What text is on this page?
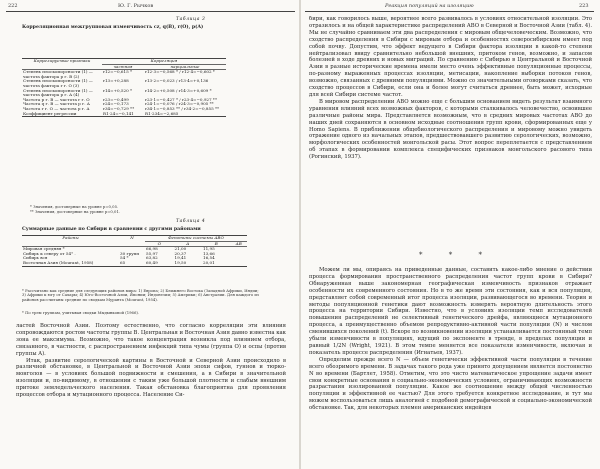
222	Ю. Г. Рычков
Таблица 3
Корреляционная межгрупповая изменчивость cz, q(B), r(O), p(A)
Коррелируемые признаки	Корреляция	
	частная	парциальные
Степень плоскоморсности (1) — частота фактора p г. B (2)	r12=−0,615 *	r12·3=−0,568 * / r12·4=−0,602 *
Степень плоскоморсности (1) — частота фактора r г. O (3)	r13=+0,288	r13·2=−0,023 / r13·4=+0,136
Степень плоскоморсности (1) — частота фактора p г. A (4)	r14=+0,520 *	r14·2=+0,508 / r14·3=+0,609 *
Частота p г. B — частота r г. O	r23=−0,499	r23·1=−0,427 * / r23·4=−0,927 **
Частота q г. B — частота p г. A	r24=−0,173	r24·1=−0,076 / r24·3=−0,905 **
Частота r г. O — частота p г. A	r34=−0,729 **	r34·1=−0,853 ** / r34·2=−0,855 **
Коэффициент регрессии	R1·24=−0,141	R1·234=−2,685
* Значения, достоверные на уровне p=0,05.
** Значения, достоверные на уровне p=0,01.
Таблица 4
Суммарные данные по Сибири в сравнении с другими районами
Районы	N	Фенотипы системы ABO			
		O	A	B	AB
Мировая средняя *		66,98	21,00	11,95	
Сибирь к северу от 54° .	30 групп	55,97	20,37	13,66	
Сибирь вся	54 *	63,82	19,41	16,54	
Восточная Азия (Mourant, 1958)	65	60,49	19,50	20,01	
* Рассчитано как средние для следующих районов мира: 1) Европа; 2) Ближнего Востока (Западной Африки, Индии; 3) Африки к югу от Сахары; 4) Юго-Восточной Азии, Японии; Индонезии; 5) Америки; 6) Австралии. Для каждого из районов рассчитаны средние по сводкам Муранта (Mourant, 1954).
* По трем группам, учитывая сводки Мыдынковой (1966).

ластей Восточной Азии. Поэтому естественно, что согласно корреляции эти влияния сопровождаются ростом частоты группы B. Центральная и Восточная Азия давно известна как зона ее максимума. Возможно, что такое концентрация возникла под влиянием отбора, связанного, в частности, с распространением инфекций типа чумы (группа O) и оспы (против группы A).

Итак, развитие серологической картины в Восточной и Северной Азии происходило в различной обстановке, в Центральной и Восточной Азии эпохи сифов, гуннов и тюрко-монголов — в условиях большой подвижности и смешения, а в Сибири в значительной изоляции и, по-видимому, в отношении с таким уже большой плотности и слабым внешним притоке земледельческого населения. Такая обстановка благоприятна для проявления процессов отбора и мутационного процесса. Население Си-

Реакция популяций на изоляцию	223

бири, как говорилось выше, вероятнее всего развивалось в условиях относительной изоляции. Это отразилось и на общей характеристике распределений ABO в Северной и Восточной Азии (табл. 4). Мы не случайно сравниваем эти два распределения с мировым общечеловеческим. Возможно, что сходство распределения в Сибири с мировым отбора и особенностях северосибирским имеет под собой почву. Допустим, что эффект ведущего в Сибири фактора изоляции в какой-то степени нейтрализовал ввиду сравнительно небольшой внешних, притоком генов, возможно, и запасом болезней в ходе древних и новых миграций. По сравнению с Сибирью в Центральной и Восточной Азии в разные исторические времена имели место очень эффективные популяционные процессы, по-разному выраженных процессах изоляции, метисации, накопление выборки потоков генов, возможно, связанных с древними популяциями. Можно со значительными оговорками сказать, что сходство процессов в Сибири, если она и более могут считаться древнее, быть может, исходные для всей Сибири системе частот.

В мировом распределении ABO можно еще с большим основанием видеть результат взаимного уравнения влияний всех возможных факторов, с которыми сталкивалось человечество, освоившее различные районы мира. Представляется возможным, что в средних мировых частотах ABO до наших дней сохраняются в основном исходные соотношения групп крови, сформированных еще у Homo Sapiens. В приближении общебиологического распределения и мировому можно увидеть отражение одного из начальных этапов, предшествовавшего развитию серологических, возможно, морфологических особенностей монгольской расы. Этот вопрос переплетается с представлением об этапах в формировании комплекса специфических признаков монгольского расового типа (Рогинский, 1937).

* * *

Можем ли мы, опираясь на приведенные данные, составить какое-либо мнение о действии процесса формирования пространственного распределения частот групп крови в Сибири? Обнаруженная выше закономерная географическая изменчивость признаков отражает особенности их современного состояния. Но в то же время эти состояния, как и вся популяция, представляет собой современный итог процесса изоляции, развивающегося во времени. Теория и методы популяционной генетики дают возможность измерять вероятную длительность этого процесса на территории Сибири. Известно, что в условиях изоляции темп исследователей повышения распределений не селективный генетического дрейфа, являющиеся мутационного процесса, а преимущественно объемом репродуктивно-активной части популяции (N) и числом сменившихся поколений (t). Вскоре по возникновении изоляции устанавливается постоянный темп убыли изменчивости в популяциях, идущий по экспоненте в тренде, в пределах популяции и равный 1/2N (Wright, 1921). В этом темпе меняется все показатели изменчивости, включая и показатель процессе распределения (Игнатьев, 1937).

Определим прежде всего N — объем генетически эффективной части популяции в течение всего обозримого времени. В задачах такого рода уже принято допущением является постоянство N во времени (Бартлет, 1958). Отметим, что это чисто математическое упрощение задачи имеет свои конкретные основания в социально-экономических условиях, ограничивающих возможности разрастания изолированной популяции. Какое же соотношение между общей численностью популяции и эффективной ее частью? Для этого требуется конкретное исследование, и тут мы можем воспользоваться лишь аналогией с подобной демографической и социально-экономической обстановке. Так, для некоторых племен американских индейцев
